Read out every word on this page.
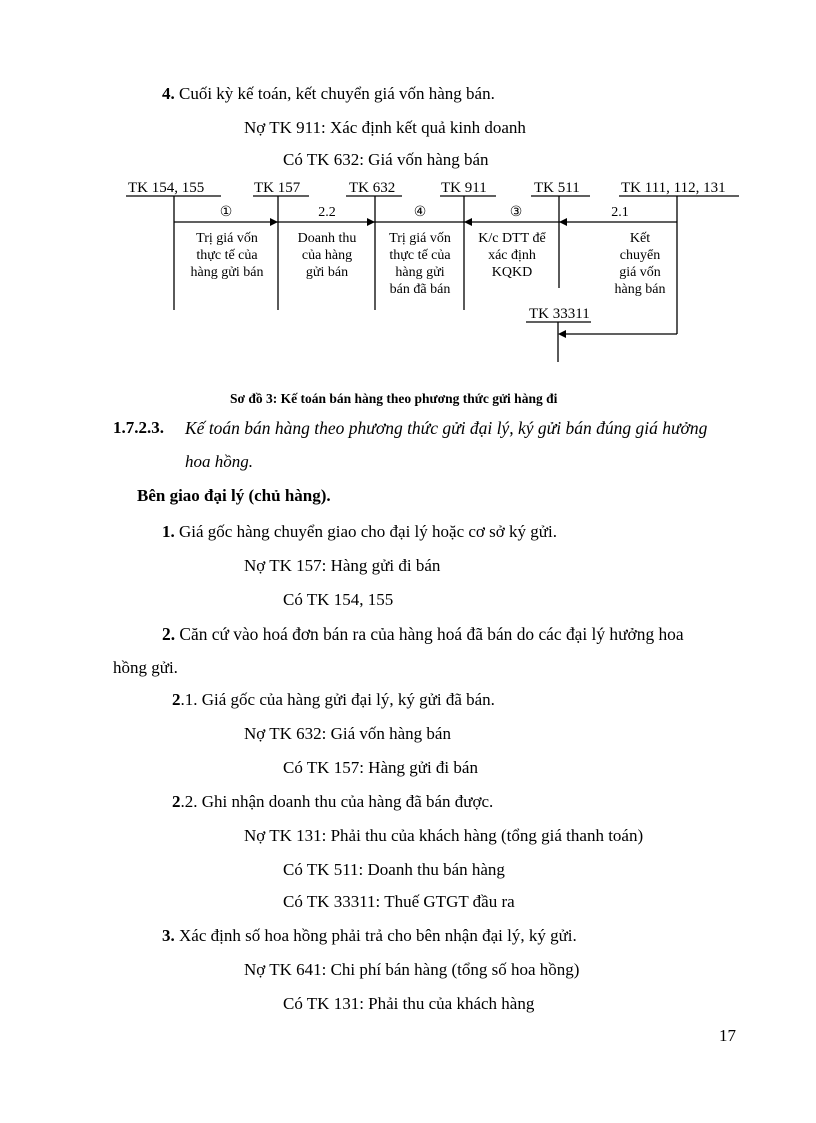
4. Cuối kỳ kế toán, kết chuyển giá vốn hàng bán.
Nợ TK 911: Xác định kết quả kinh doanh
Có TK 632: Giá vốn hàng bán
TK 154, 155	TK 157	TK 632	TK 911	TK 511	TK 111, 112, 131
TK 33311
①	2.2	④	③	2.1
Trị giá vốn
thực tế của
hàng gửi bán
Doanh thu
của hàng
gửi bán
Trị giá vốn
thực tế của
hàng gửi
bán đã bán
K/c DTT để
xác định
KQKD
Kết
chuyển
giá vốn
hàng bán
Sơ đồ 3: Kế toán bán hàng theo phương thức gửi hàng đi
1.7.2.3. Kế toán bán hàng theo phương thức gửi đại lý, ký gửi bán đúng giá hưởng
hoa hồng.
Bên giao đại lý (chủ hàng).
1. Giá gốc hàng chuyển giao cho đại lý hoặc cơ sở ký gửi.
Nợ TK 157: Hàng gửi đi bán
Có TK 154, 155
2. Căn cứ vào hoá đơn bán ra của hàng hoá đã bán do các đại lý hưởng hoa
hồng gửi.
2.1. Giá gốc của hàng gửi đại lý, ký gửi đã bán.
Nợ TK 632: Giá vốn hàng bán
Có TK 157: Hàng gửi đi bán
2.2. Ghi nhận doanh thu của hàng đã bán được.
Nợ TK 131: Phải thu của khách hàng (tổng giá thanh toán)
Có TK 511: Doanh thu bán hàng
Có TK 33311: Thuế GTGT đầu ra
3. Xác định số hoa hồng phải trả cho bên nhận đại lý, ký gửi.
Nợ TK 641: Chi phí bán hàng (tổng số hoa hồng)
Có TK 131: Phải thu của khách hàng
17
